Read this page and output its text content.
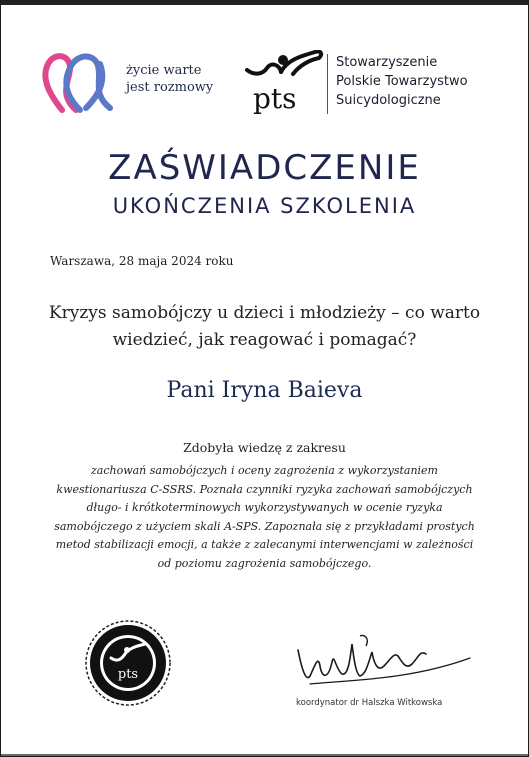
życie warte
jest rozmowy	pts
Stowarzyszenie
Polskie Towarzystwo
Suicydologiczne
ZAŚWIADCZENIE
UKOŃCZENIA SZKOLENIA
Warszawa, 28 maja 2024 roku
Kryzys samobójczy u dzieci i młodzieży – co warto
wiedzieć, jak reagować i pomagać?
Pani Iryna Baieva
Zdobyła wiedzę z zakresu
zachowań samobójczych i oceny zagrożenia z wykorzystaniem
kwestionariusza C-SSRS. Poznała czynniki ryzyka zachowań samobójczych
długo- i krótkoterminowych wykorzystywanych w ocenie ryzyka
samobójczego z użyciem skali A-SPS. Zapoznała się z przykładami prostych
metod stabilizacji emocji, a także z zalecanymi interwencjami w zależności
od poziomu zagrożenia samobójczego.
pts
koordynator dr Halszka Witkowska
